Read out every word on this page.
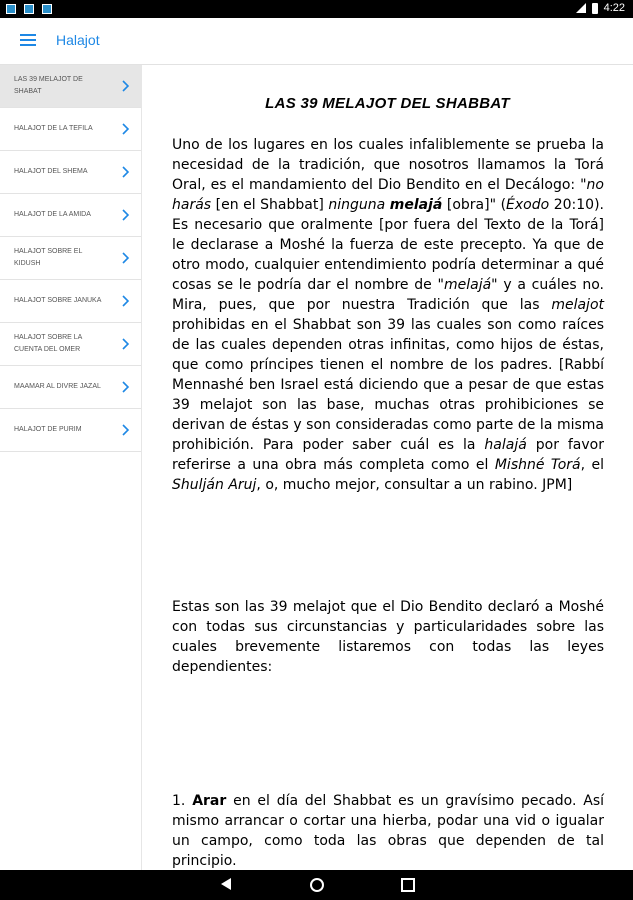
4:22
Halajot
LAS 39 MELAJOT DE SHABAT
HALAJOT DE LA TEFILA
HALAJOT DEL SHEMA
HALAJOT DE LA AMIDA
HALAJOT SOBRE EL KIDUSH
HALAJOT SOBRE JANUKA
HALAJOT SOBRE LA CUENTA DEL OMER
MAAMAR AL DIVRE JAZAL
HALAJOT DE PURIM
LAS 39 MELAJOT DEL SHABBAT
Uno de los lugares en los cuales infaliblemente se prueba la necesidad de la tradición, que nosotros llamamos la Torá Oral, es el mandamiento del Dio Bendito en el Decálogo: "no harás [en el Shabbat] ninguna melajá [obra]" (Éxodo 20:10). Es necesario que oralmente [por fuera del Texto de la Torá] le declarase a Moshé la fuerza de este precepto. Ya que de otro modo, cualquier entendimiento podría determinar a qué cosas se le podría dar el nombre de "melajá" y a cuáles no. Mira, pues, que por nuestra Tradición que las melajot prohibidas en el Shabbat son 39 las cuales son como raíces de las cuales dependen otras infinitas, como hijos de éstas, que como príncipes tienen el nombre de los padres. [Rabbí Mennashé ben Israel está diciendo que a pesar de que estas 39 melajot son las base, muchas otras prohibiciones se derivan de éstas y son consideradas como parte de la misma prohibición. Para poder saber cuál es la halajá por favor referirse a una obra más completa como el Mishné Torá, el Shulján Aruj, o, mucho mejor, consultar a un rabino. JPM]
Estas son las 39 melajot que el Dio Bendito declaró a Moshé con todas sus circunstancias y particularidades sobre las cuales brevemente listaremos con todas las leyes dependientes:
1. Arar en el día del Shabbat es un gravísimo pecado. Así mismo arrancar o cortar una hierba, podar una vid o igualar un campo, como toda las obras que dependen de tal principio.
